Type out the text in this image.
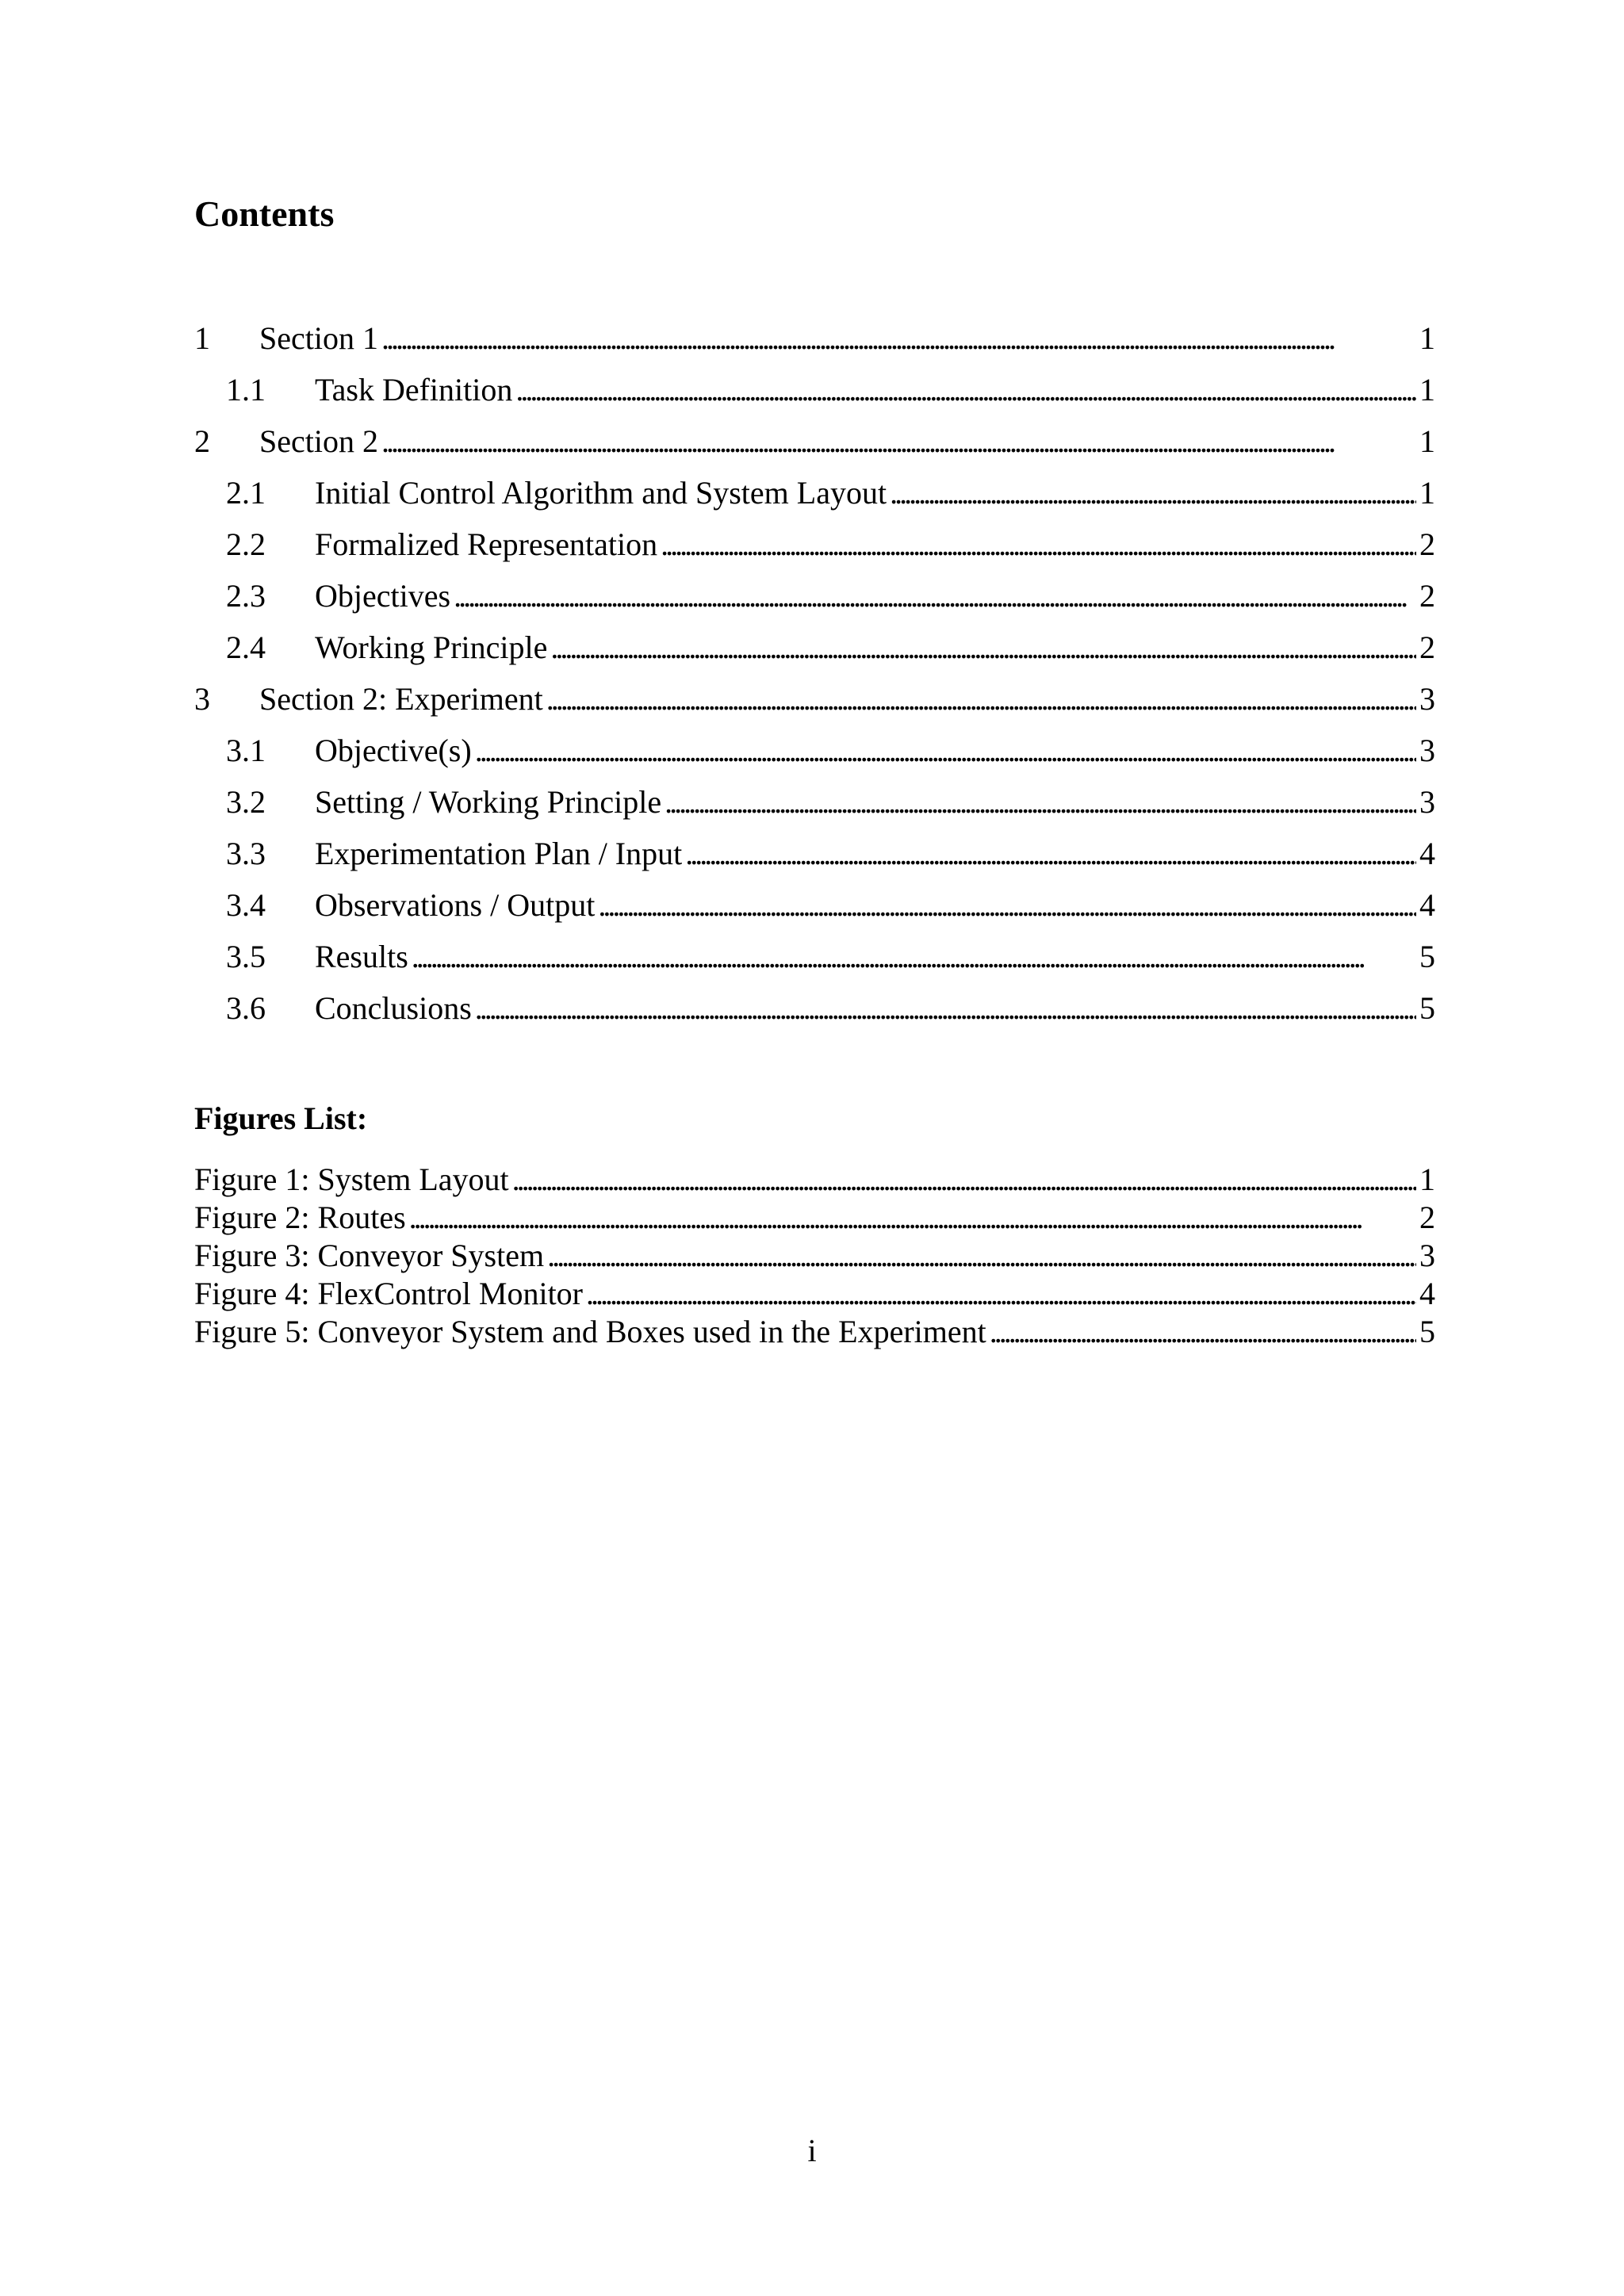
Contents
1 Section 1 . . .	1
1.1 Task Definition . . .	1
2 Section 2 . . .	1
2.1 Initial Control Algorithm and System Layout . . .	1
2.2 Formalized Representation . . .	2
2.3 Objectives . . .	2
2.4 Working Principle . . .	2
3 Section 2: Experiment . . .	3
3.1 Objective(s) . . .	3
3.2 Setting / Working Principle . . .	3
3.3 Experimentation Plan / Input . . .	4
3.4 Observations / Output . . .	4
3.5 Results . . .	5
3.6 Conclusions . . .	5
Figures List:
Figure 1: System Layout . . .	1
Figure 2: Routes . . .	2
Figure 3: Conveyor System . . .	3
Figure 4: FlexControl Monitor . . .	4
Figure 5: Conveyor System and Boxes used in the Experiment . . .	5
i
